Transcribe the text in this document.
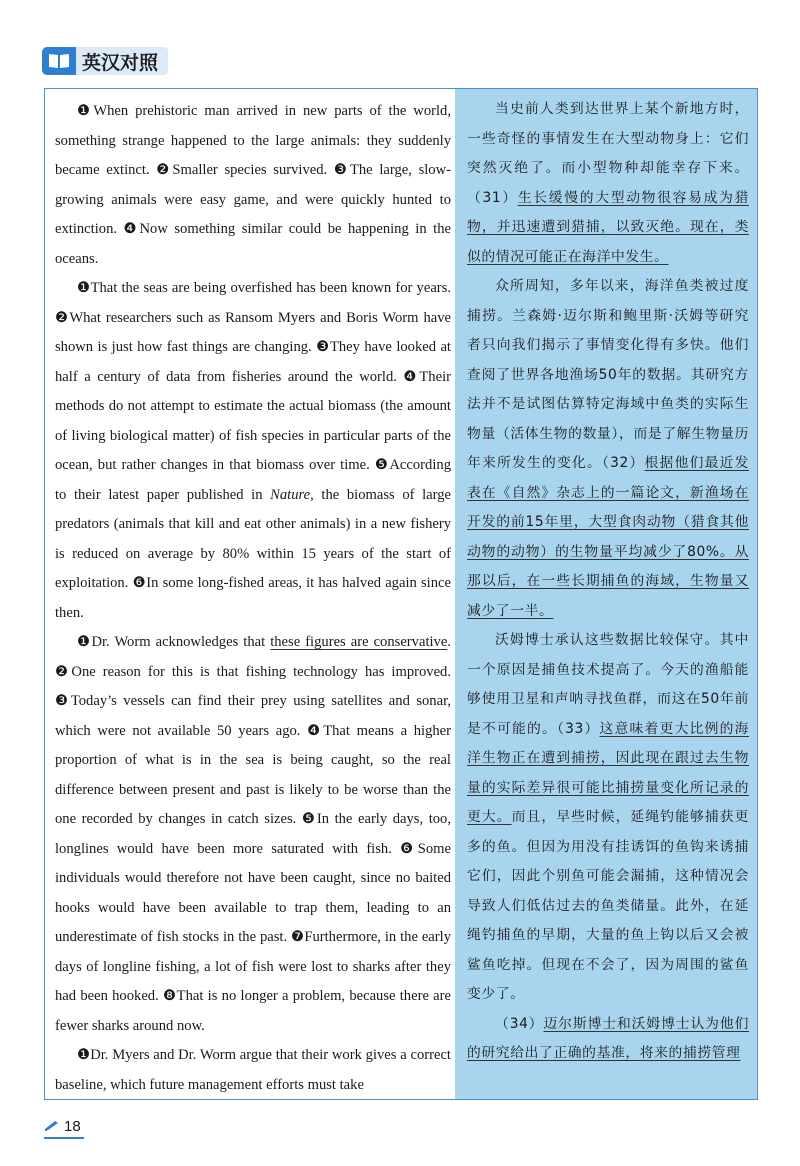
英汉对照

❶When prehistoric man arrived in new parts of the world, something strange happened to the large animals: they suddenly became extinct. ❷Smaller species survived. ❸The large, slow-growing animals were easy game, and were quickly hunted to extinction. ❹Now something similar could be happening in the oceans.

❶That the seas are being overfished has been known for years. ❷What researchers such as Ransom Myers and Boris Worm have shown is just how fast things are changing. ❸They have looked at half a century of data from fisheries around the world. ❹Their methods do not attempt to estimate the actual biomass (the amount of living biological matter) of fish species in particular parts of the ocean, but rather changes in that biomass over time. ❺According to their latest paper published in Nature, the biomass of large predators (animals that kill and eat other animals) in a new fishery is reduced on average by 80% within 15 years of the start of exploitation. ❻In some long-fished areas, it has halved again since then.

❶Dr. Worm acknowledges that these figures are conservative. ❷One reason for this is that fishing technology has improved. ❸Today’s vessels can find their prey using satellites and sonar, which were not available 50 years ago. ❹That means a higher proportion of what is in the sea is being caught, so the real difference between present and past is likely to be worse than the one recorded by changes in catch sizes. ❺In the early days, too, longlines would have been more saturated with fish. ❻Some individuals would therefore not have been caught, since no baited hooks would have been available to trap them, leading to an underestimate of fish stocks in the past. ❼Furthermore, in the early days of longline fishing, a lot of fish were lost to sharks after they had been hooked. ❽That is no longer a problem, because there are fewer sharks around now.

❶Dr. Myers and Dr. Worm argue that their work gives a correct baseline, which future management efforts must take

当史前人类到达世界上某个新地方时，一些奇怪的事情发生在大型动物身上：它们突然灭绝了。而小型物种却能幸存下来。（31）生长缓慢的大型动物很容易成为猎物，并迅速遭到猎捕，以致灭绝。现在，类似的情况可能正在海洋中发生。

众所周知，多年以来，海洋鱼类被过度捕捞。兰森姆·迈尔斯和鲍里斯·沃姆等研究者只向我们揭示了事情变化得有多快。他们查阅了世界各地渔场50年的数据。其研究方法并不是试图估算特定海域中鱼类的实际生物量（活体生物的数量），而是了解生物量历年来所发生的变化。（32）根据他们最近发表在《自然》杂志上的一篇论文，新渔场在开发的前15年里，大型食肉动物（猎食其他动物的动物）的生物量平均减少了80%。从那以后，在一些长期捕鱼的海域，生物量又减少了一半。

沃姆博士承认这些数据比较保守。其中一个原因是捕鱼技术提高了。今天的渔船能够使用卫星和声呐寻找鱼群，而这在50年前是不可能的。（33）这意味着更大比例的海洋生物正在遭到捕捞，因此现在跟过去生物量的实际差异很可能比捕捞量变化所记录的更大。而且，早些时候，延绳钓能够捕获更多的鱼。但因为用没有挂诱饵的鱼钩来诱捕它们，因此个别鱼可能会漏捕，这种情况会导致人们低估过去的鱼类储量。此外，在延绳钓捕鱼的早期，大量的鱼上钩以后又会被鲨鱼吃掉。但现在不会了，因为周围的鲨鱼变少了。

（34）迈尔斯博士和沃姆博士认为他们的研究给出了正确的基准，将来的捕捞管理

18
